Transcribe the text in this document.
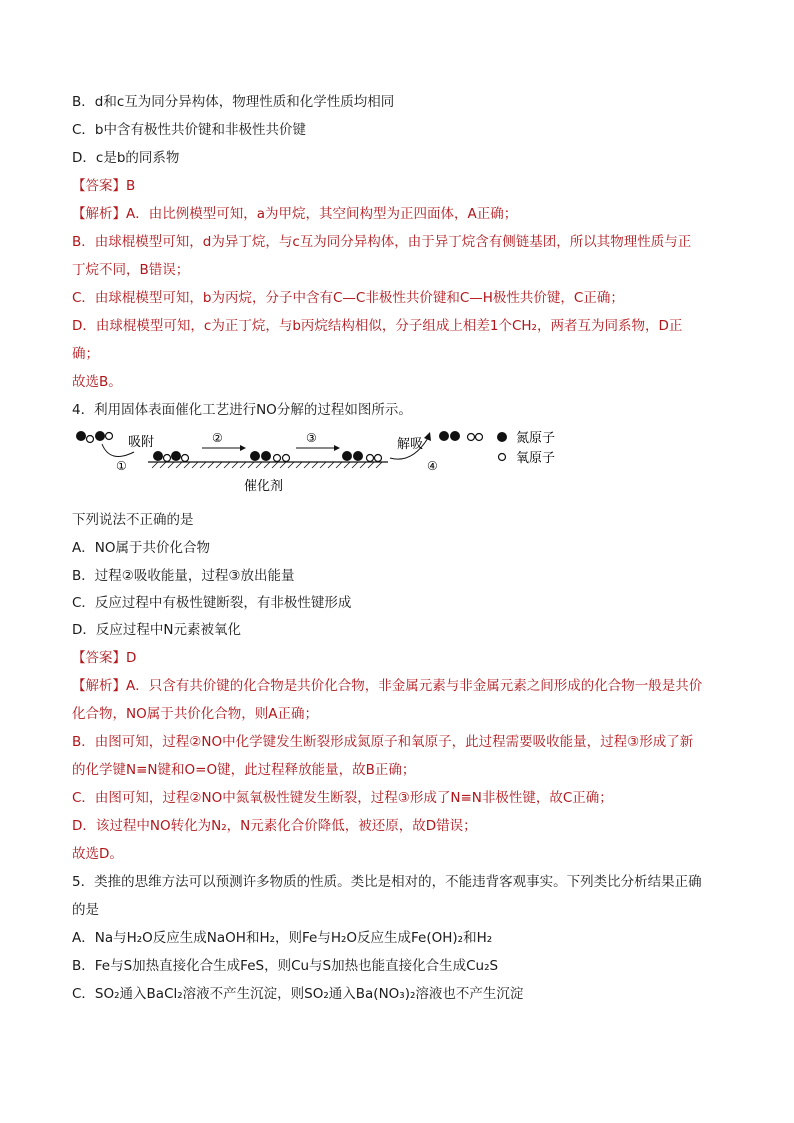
B．d和c互为同分异构体，物理性质和化学性质均相同
C．b中含有极性共价键和非极性共价键
D．c是b的同系物
【答案】B
【解析】A．由比例模型可知，a为甲烷，其空间构型为正四面体，A正确；
B．由球棍模型可知，d为异丁烷，与c互为同分异构体，由于异丁烷含有侧链基团，所以其物理性质与正
丁烷不同，B错误；
C．由球棍模型可知，b为丙烷，分子中含有C—C非极性共价键和C—H极性共价键，C正确；
D．由球棍模型可知，c为正丁烷，与b丙烷结构相似，分子组成上相差1个CH₂，两者互为同系物，D正
确；
故选B。
4．利用固体表面催化工艺进行NO分解的过程如图所示。
吸附
①
②	③
催化剂
解吸
④
氮原子
氧原子
下列说法不正确的是
A．NO属于共价化合物
B．过程②吸收能量，过程③放出能量
C．反应过程中有极性键断裂，有非极性键形成
D．反应过程中N元素被氧化
【答案】D
【解析】A．只含有共价键的化合物是共价化合物，非金属元素与非金属元素之间形成的化合物一般是共价
化合物，NO属于共价化合物，则A正确；
B．由图可知，过程②NO中化学键发生断裂形成氮原子和氧原子，此过程需要吸收能量，过程③形成了新
的化学键N≡N键和O=O键，此过程释放能量，故B正确；
C．由图可知，过程②NO中氮氧极性键发生断裂，过程③形成了N≡N非极性键，故C正确；
D．该过程中NO转化为N₂，N元素化合价降低，被还原，故D错误；
故选D。
5．类推的思维方法可以预测许多物质的性质。类比是相对的，不能违背客观事实。下列类比分析结果正确
的是
A．Na与H₂O反应生成NaOH和H₂，则Fe与H₂O反应生成Fe(OH)₂和H₂
B．Fe与S加热直接化合生成FeS，则Cu与S加热也能直接化合生成Cu₂S
C．SO₂通入BaCl₂溶液不产生沉淀，则SO₂通入Ba(NO₃)₂溶液也不产生沉淀
